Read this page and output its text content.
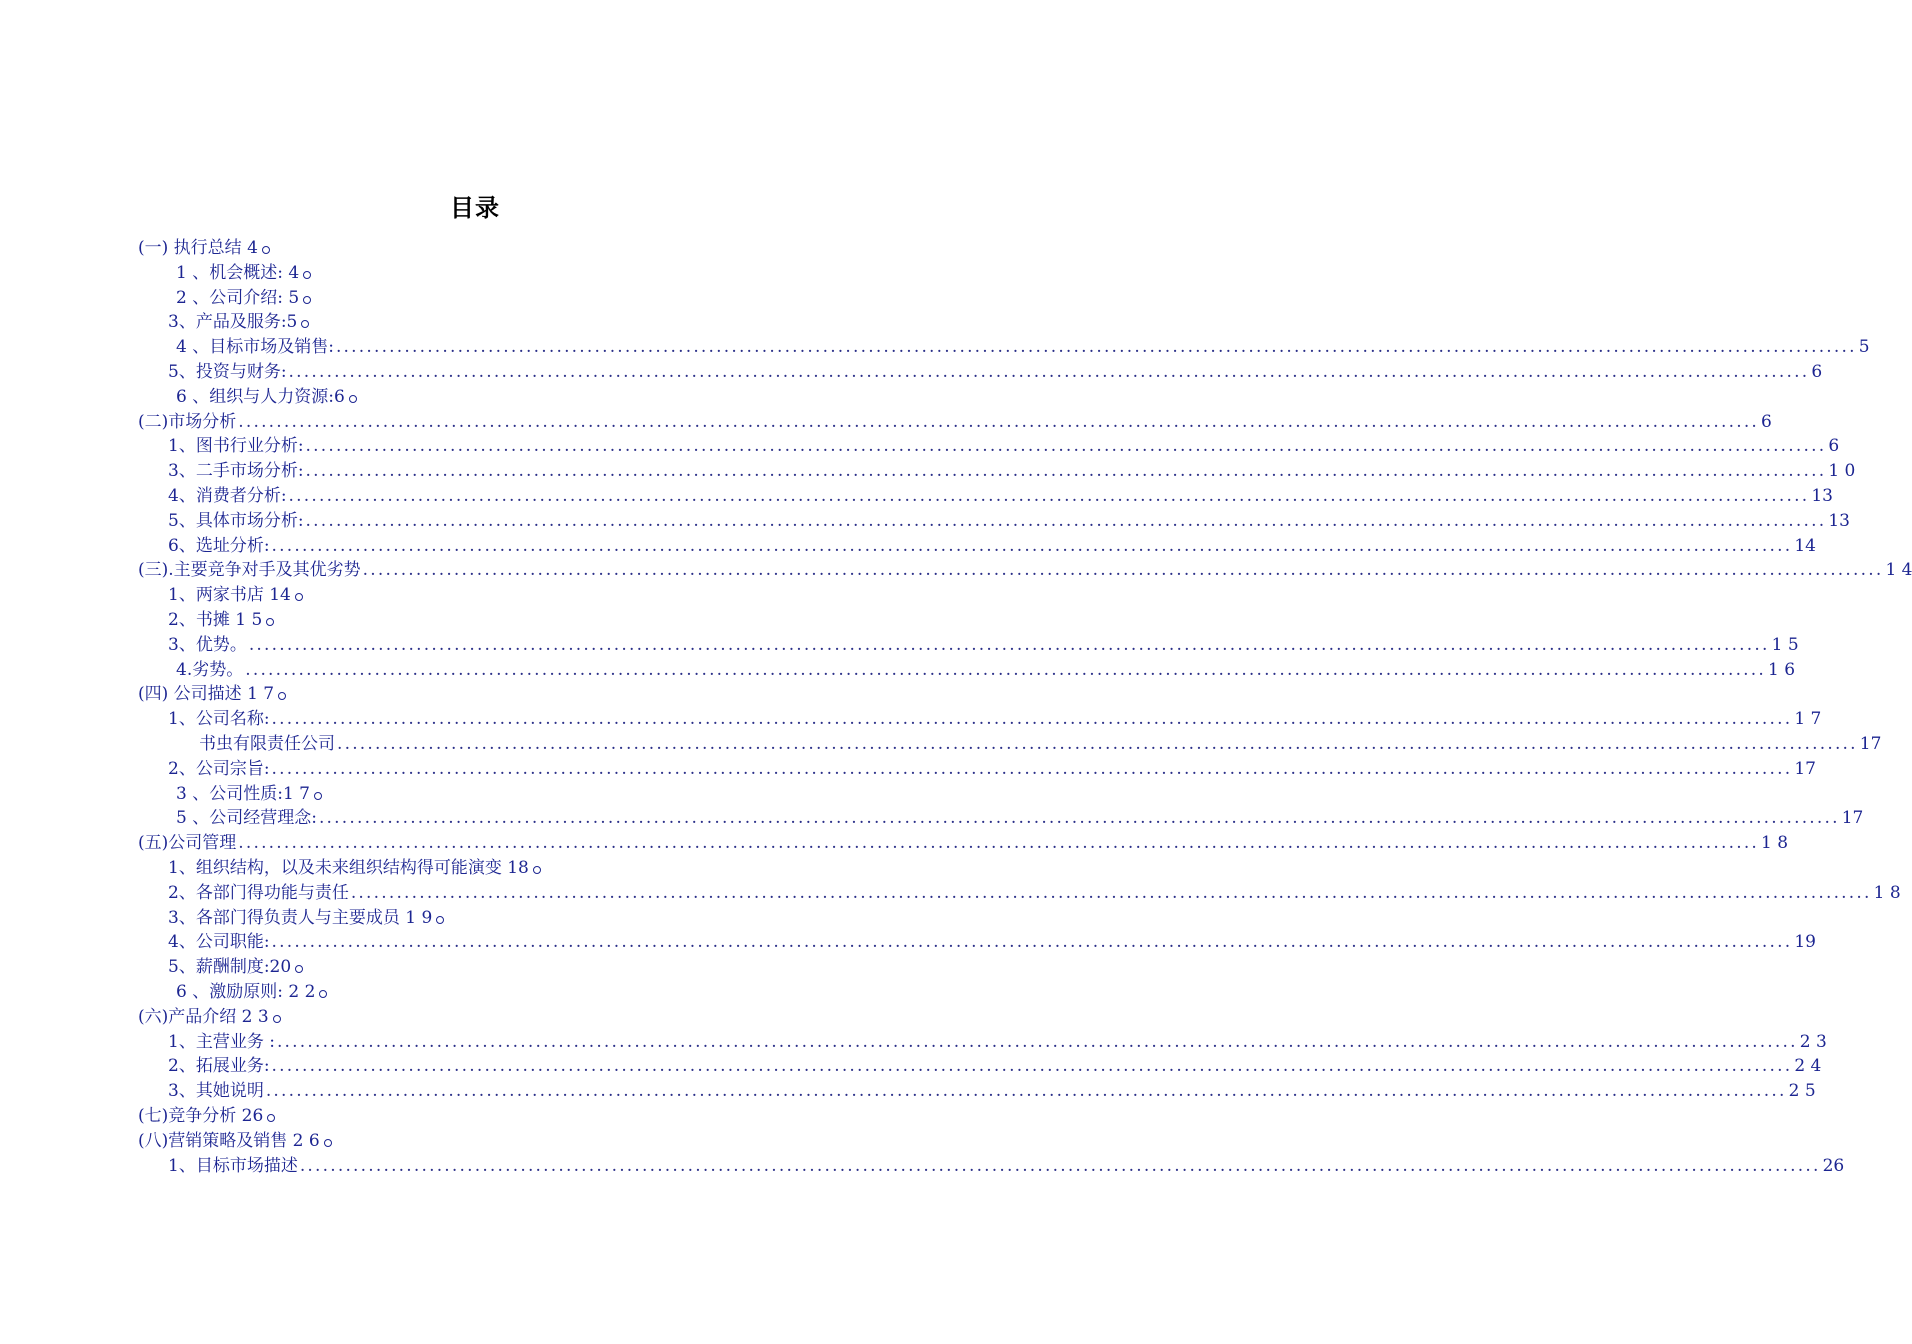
目录
(一) 执行总结 4
1 、机会概述: 4
2 、公司介绍: 5
3、产品及服务:5
4 、目标市场及销售: ........................................................................................................................................................................................................ 5
5、投资与财务: ........................................................................................................................................................................................................ 6
6 、组织与人力资源:6
(二)市场分析 ........................................................................................................................................................................................................ 6
1、图书行业分析: ........................................................................................................................................................................................................ 6
3、二手市场分析: ........................................................................................................................................................................................................ 1 0
4、消费者分析: ........................................................................................................................................................................................................ 13
5、具体市场分析: ........................................................................................................................................................................................................ 13
6、选址分析: ........................................................................................................................................................................................................ 14
(三).主要竞争对手及其优劣势 ........................................................................................................................................................................................................ 1 4
1、两家书店 14
2、书摊 1 5
3、优势。 ........................................................................................................................................................................................................ 1 5
4.劣势。 ........................................................................................................................................................................................................ 1 6
(四) 公司描述 1 7
1、公司名称: ........................................................................................................................................................................................................ 1 7
书虫有限责任公司 ........................................................................................................................................................................................................ 17
2、公司宗旨: ........................................................................................................................................................................................................ 17
3 、公司性质:1 7
5 、公司经营理念: ........................................................................................................................................................................................................ 17
(五)公司管理 ........................................................................................................................................................................................................ 1 8
1、组织结构，以及未来组织结构得可能演变 18
2、各部门得功能与责任 ........................................................................................................................................................................................................ 1 8
3、各部门得负责人与主要成员 1 9
4、公司职能: ........................................................................................................................................................................................................ 19
5、薪酬制度:20
6 、激励原则: 2 2
(六)产品介绍 2 3
1、主营业务 : ........................................................................................................................................................................................................ 2 3
2、拓展业务: ........................................................................................................................................................................................................ 2 4
3、其她说明 ........................................................................................................................................................................................................ 2 5
(七)竞争分析 26
(八)营销策略及销售 2 6
1、目标市场描述 ........................................................................................................................................................................................................ 26
